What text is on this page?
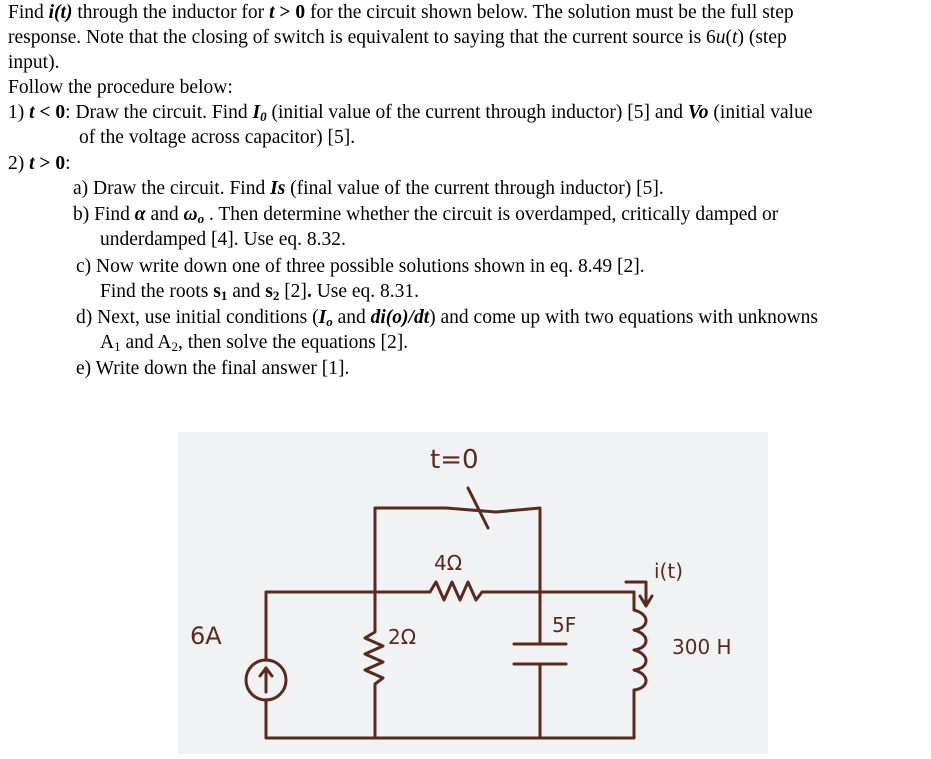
Find i(t) through the inductor for t > 0 for the circuit shown below. The solution must be the full step
response. Note that the closing of switch is equivalent to saying that the current source is 6u(t) (step
input).
Follow the procedure below:
1) t < 0: Draw the circuit. Find $I_0$ (initial value of the current through inductor) [5] and Vo (initial value
of the voltage across capacitor) [5].
2) t > 0:
a) Draw the circuit. Find Is (final value of the current through inductor) [5].
b) Find α and $\omega_o$ . Then determine whether the circuit is overdamped, critically damped or
underdamped [4]. Use eq. 8.32.
c) Now write down one of three possible solutions shown in eq. 8.49 [2].
Find the roots $s_1$ and $s_2$ [2]. Use eq. 8.31.
d) Next, use initial conditions ($I_o$ and di(o)/dt) and come up with two equations with unknowns
$A_1$ and $A_2$, then solve the equations [2].
e) Write down the final answer [1].
t=0
4Ω
2Ω
6A	5F
300 H
i(t)
